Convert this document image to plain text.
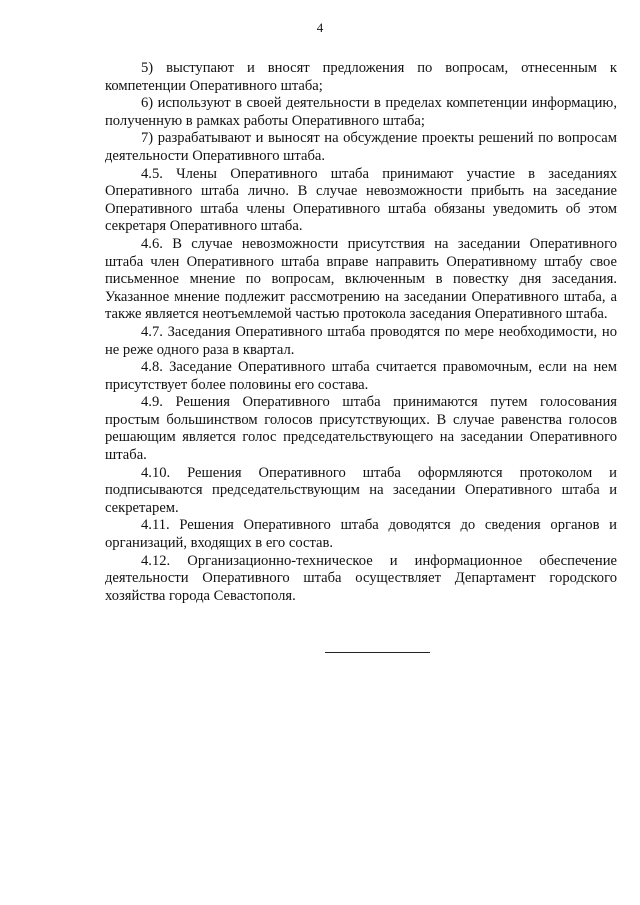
4

5) выступают и вносят предложения по вопросам, отнесенным к компетенции Оперативного штаба;

6) используют в своей деятельности в пределах компетенции информацию, полученную в рамках работы Оперативного штаба;

7) разрабатывают и выносят на обсуждение проекты решений по вопросам деятельности Оперативного штаба.

4.5. Члены Оперативного штаба принимают участие в заседаниях Оперативного штаба лично. В случае невозможности прибыть на заседание Оперативного штаба члены Оперативного штаба обязаны уведомить об этом секретаря Оперативного штаба.

4.6. В случае невозможности присутствия на заседании Оперативного штаба член Оперативного штаба вправе направить Оперативному штабу свое письменное мнение по вопросам, включенным в повестку дня заседания. Указанное мнение подлежит рассмотрению на заседании Оперативного штаба, а также является неотъемлемой частью протокола заседания Оперативного штаба.

4.7. Заседания Оперативного штаба проводятся по мере необходимости, но не реже одного раза в квартал.

4.8. Заседание Оперативного штаба считается правомочным, если на нем присутствует более половины его состава.

4.9. Решения Оперативного штаба принимаются путем голосования простым большинством голосов присутствующих. В случае равенства голосов решающим является голос председательствующего на заседании Оперативного штаба.

4.10. Решения Оперативного штаба оформляются протоколом и подписываются председательствующим на заседании Оперативного штаба и секретарем.

4.11. Решения Оперативного штаба доводятся до сведения органов и организаций, входящих в его состав.

4.12. Организационно-техническое и информационное обеспечение деятельности Оперативного штаба осуществляет Департамент городского хозяйства города Севастополя.
